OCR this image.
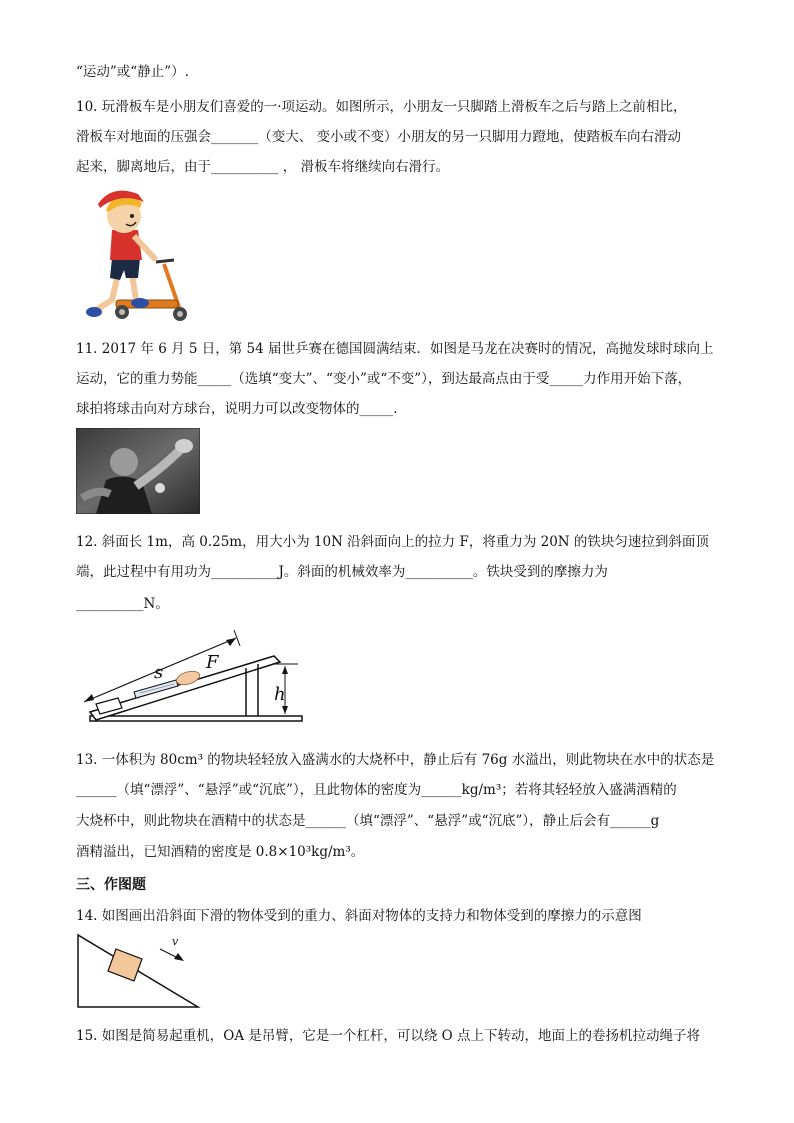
“运动”或“静止”）.
10. 玩滑板车是小朋友们喜爱的一·项运动。如图所示，小朋友一只脚踏上滑板车之后与踏上之前相比，
滑板车对地面的压强会_______（变大、 变小或不变）小朋友的另一只脚用力蹬地，使踏板车向右滑动
起来，脚离地后，由于__________ ， 滑板车将继续向右滑行。
11. 2017 年 6 月 5 日，第 54 届世乒赛在德国圆满结束．如图是马龙在决赛时的情况，高抛发球时球向上
运动，它的重力势能_____（选填“变大”、“变小”或“不变”），到达最高点由于受_____力作用开始下落，
球拍将球击向对方球台，说明力可以改变物体的_____.
12. 斜面长 1m，高 0.25m，用大小为 10N 沿斜面向上的拉力 F，将重力为 20N 的铁块匀速拉到斜面顶
端，此过程中有用功为__________J。斜面的机械效率为__________。铁块受到的摩擦力为
__________N。
s F
h
13. 一体积为 80cm³ 的物块轻轻放入盛满水的大烧杯中，静止后有 76g 水溢出，则此物块在水中的状态是
______（填“漂浮”、“悬浮”或“沉底”），且此物体的密度为______kg/m³；若将其轻轻放入盛满酒精的
大烧杯中，则此物块在酒精中的状态是______（填“漂浮”、“悬浮”或“沉底”），静止后会有______g
酒精溢出，已知酒精的密度是 0.8×10³kg/m³。
三、作图题
14. 如图画出沿斜面下滑的物体受到的重力、斜面对物体的支持力和物体受到的摩擦力的示意图
v
15. 如图是简易起重机，OA 是吊臂，它是一个杠杆，可以绕 O 点上下转动，地面上的卷扬机拉动绳子将
